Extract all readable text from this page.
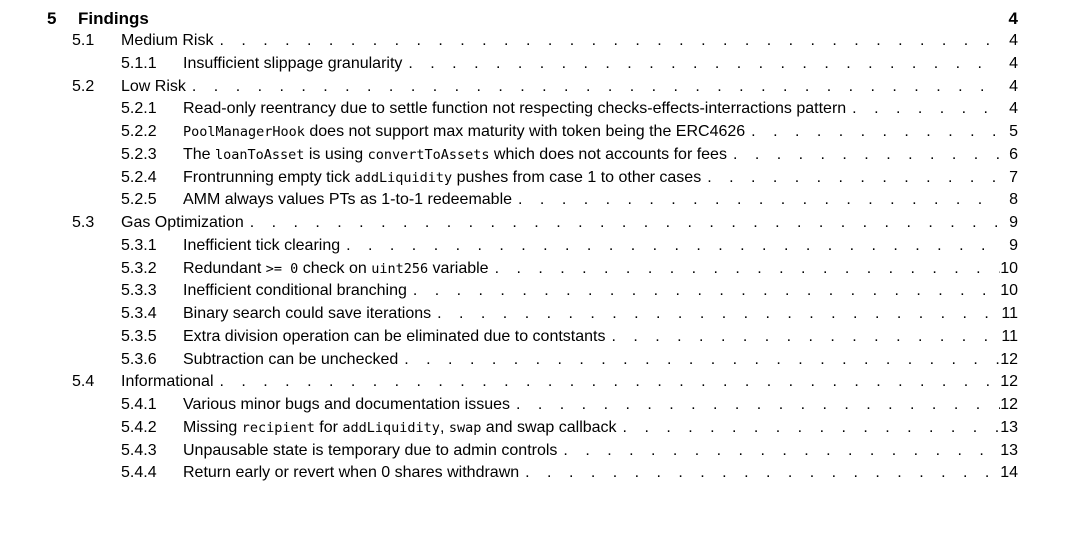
5 Findings	4
5.1 Medium Risk . . .	4
5.1.1 Insufficient slippage granularity . . .	4
5.2 Low Risk . . .	4
5.2.1 Read-only reentrancy due to settle function not respecting checks-effects-interractions pattern . . .	4
5.2.2 PoolManagerHook does not support max maturity with token being the ERC4626 . . .	5
5.2.3 The loanToAsset is using convertToAssets which does not accounts for fees . . .	6
5.2.4 Frontrunning empty tick addLiquidity pushes from case 1 to other cases . . .	7
5.2.5 AMM always values PTs as 1-to-1 redeemable . . .	8
5.3 Gas Optimization . . .	9
5.3.1 Inefficient tick clearing . . .	9
5.3.2 Redundant >= 0 check on uint256 variable . . .	10
5.3.3 Inefficient conditional branching . . .	10
5.3.4 Binary search could save iterations . . .	11
5.3.5 Extra division operation can be eliminated due to contstants . . .	11
5.3.6 Subtraction can be unchecked . . .	12
5.4 Informational . . .	12
5.4.1 Various minor bugs and documentation issues . . .	12
5.4.2 Missing recipient for addLiquidity, swap and swap callback . . .	13
5.4.3 Unpausable state is temporary due to admin controls . . .	13
5.4.4 Return early or revert when 0 shares withdrawn . . .	14
